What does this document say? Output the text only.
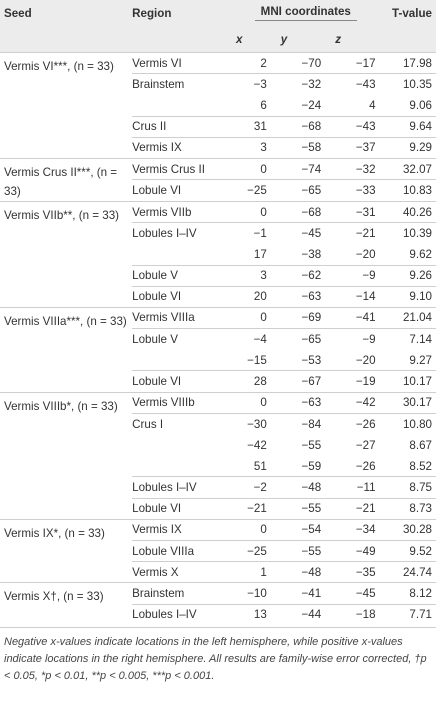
Seed	Region	MNI coordinates			T-value
		x	y	z	
Vermis VI***, (n = 33)	Vermis VI	2	−70	−17	17.98
	Brainstem	−3	−32	−43	10.35
		6	−24	4	9.06
	Crus II	31	−68	−43	9.64
	Vermis IX	3	−58	−37	9.29
Vermis Crus II***, (n = 33)	Vermis Crus II	0	−74	−32	32.07
	Lobule VI	−25	−65	−33	10.83
Vermis VIIb**, (n = 33)	Vermis VIIb	0	−68	−31	40.26
	Lobules I–IV	−1	−45	−21	10.39
		17	−38	−20	9.62
	Lobule V	3	−62	−9	9.26
	Lobule VI	20	−63	−14	9.10
Vermis VIIIa***, (n = 33)	Vermis VIIIa	0	−69	−41	21.04
	Lobule V	−4	−65	−9	7.14
		−15	−53	−20	9.27
	Lobule VI	28	−67	−19	10.17
Vermis VIIIb*, (n = 33)	Vermis VIIIb	0	−63	−42	30.17
	Crus I	−30	−84	−26	10.80
		−42	−55	−27	8.67
		51	−59	−26	8.52
	Lobules I–IV	−2	−48	−11	8.75
	Lobule VI	−21	−55	−21	8.73
Vermis IX*, (n = 33)	Vermis IX	0	−54	−34	30.28
	Lobule VIIIa	−25	−55	−49	9.52
	Vermis X	1	−48	−35	24.74
Vermis X†, (n = 33)	Brainstem	−10	−41	−45	8.12
	Lobules I–IV	13	−44	−18	7.71

Negative x-values indicate locations in the left hemisphere, while positive x-values indicate locations in the right hemisphere. All results are family-wise error corrected, †p < 0.05, *p < 0.01, **p < 0.005, ***p < 0.001.
